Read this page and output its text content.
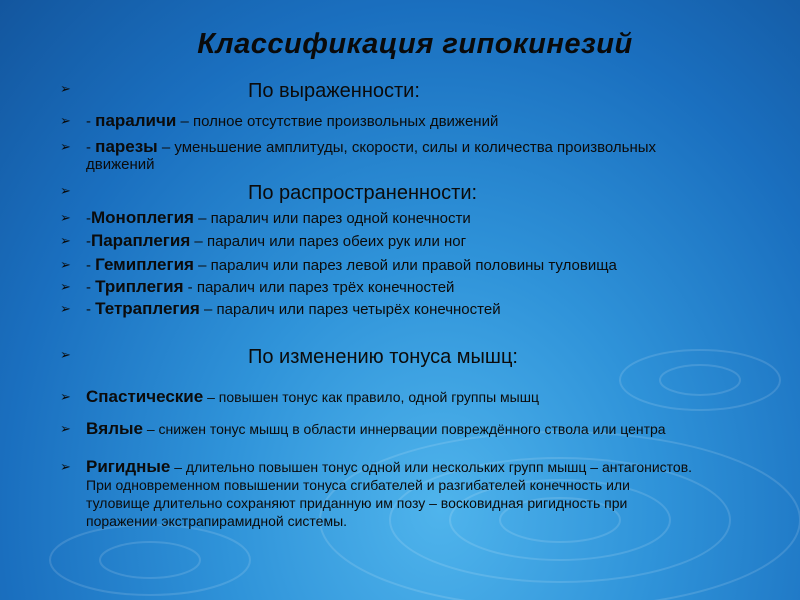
Классификация гипокинезий
➢	По выраженности:
➢	- параличи – полное отсутствие произвольных движений
➢	- парезы – уменьшение амплитуды, скорости, силы и количества произвольных движений
➢	По распространенности:
➢	-Моноплегия – паралич или парез одной конечности
➢	-Параплегия – паралич или парез обеих рук или ног
➢	- Гемиплегия – паралич или парез левой или правой половины туловища
➢	- Триплегия - паралич или парез трёх конечностей
➢	- Тетраплегия – паралич или парез четырёх конечностей
➢	По изменению тонуса мышц:
➢ Спастические – повышен тонус как правило, одной группы мышц
➢ Вялые – снижен тонус мышц в области иннервации повреждённого ствола или центра
➢ Ригидные – длительно повышен тонус одной или нескольких групп мышц – антагонистов. При одновременном повышении тонуса сгибателей и разгибателей конечность или туловище длительно сохраняют приданную им позу – восковидная ригидность при поражении экстрапирамидной системы.
